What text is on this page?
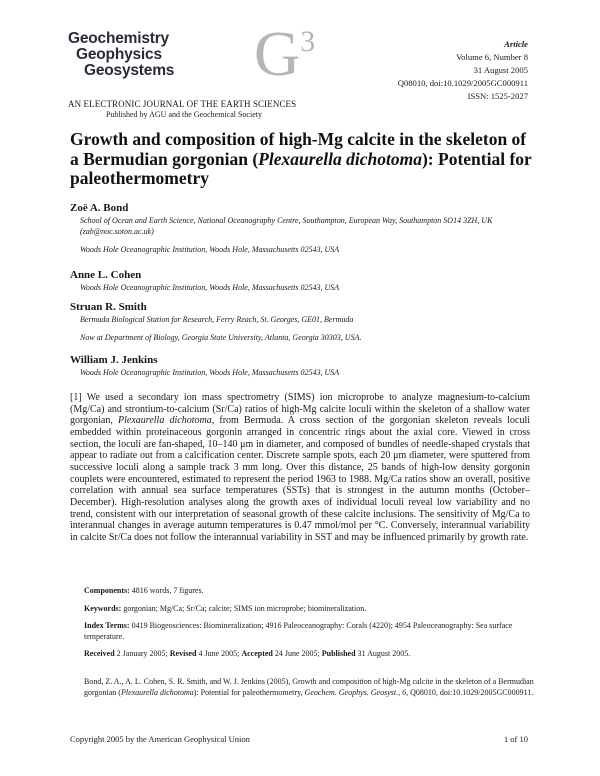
Geochemistry
Geophysics
Geosystems $G^3$
AN ELECTRONIC JOURNAL OF THE EARTH SCIENCES
Published by AGU and the Geochemical Society
Article
Volume 6, Number 8
31 August 2005
Q08010, doi:10.1029/2005GC000911
ISSN: 1525-2027
Growth and composition of high-Mg calcite in the skeleton of a Bermudian gorgonian (Plexaurella dichotoma): Potential for paleothermometry
Zoë A. Bond
School of Ocean and Earth Science, National Oceanography Centre, Southampton, European Way, Southampton SO14 3ZH, UK (zab@noc.soton.ac.uk)
Woods Hole Oceanographic Institution, Woods Hole, Massachusetts 02543, USA
Anne L. Cohen
Woods Hole Oceanographic Institution, Woods Hole, Massachusetts 02543, USA
Struan R. Smith
Bermuda Biological Station for Research, Ferry Reach, St. Georges, GE01, Bermuda
Now at Department of Biology, Georgia State University, Atlanta, Georgia 30303, USA.
William J. Jenkins
Woods Hole Oceanographic Institution, Woods Hole, Massachusetts 02543, USA

[1] We used a secondary ion mass spectrometry (SIMS) ion microprobe to analyze magnesium-to-calcium (Mg/Ca) and strontium-to-calcium (Sr/Ca) ratios of high-Mg calcite loculi within the skeleton of a shallow water gorgonian, Plexaurella dichotoma, from Bermuda. A cross section of the gorgonian skeleton reveals loculi embedded within proteinaceous gorgonin arranged in concentric rings about the axial core. Viewed in cross section, the loculi are fan-shaped, 10–140 μm in diameter, and composed of bundles of needle-shaped crystals that appear to radiate out from a calcification center. Discrete sample spots, each 20 μm diameter, were sputtered from successive loculi along a sample track 3 mm long. Over this distance, 25 bands of high-low density gorgonin couplets were encountered, estimated to represent the period 1963 to 1988. Mg/Ca ratios show an overall, positive correlation with annual sea surface temperatures (SSTs) that is strongest in the autumn months (October–December). High-resolution analyses along the growth axes of individual loculi reveal low variability and no trend, consistent with our interpretation of seasonal growth of these calcite inclusions. The sensitivity of Mg/Ca to interannual changes in average autumn temperatures is 0.47 mmol/mol per °C. Conversely, interannual variability in calcite Sr/Ca does not follow the interannual variability in SST and may be influenced primarily by growth rate.

Components: 4816 words, 7 figures.

Keywords: gorgonian; Mg/Ca; Sr/Ca; calcite; SIMS ion microprobe; biomineralization.

Index Terms: 0419 Biogeosciences: Biomineralization; 4916 Paleoceanography: Corals (4220); 4954 Paleoceanography: Sea surface temperature.

Received 2 January 2005; Revised 4 June 2005; Accepted 24 June 2005; Published 31 August 2005.

Bond, Z. A., A. L. Cohen, S. R. Smith, and W. J. Jenkins (2005), Growth and composition of high-Mg calcite in the skeleton of a Bermudian gorgonian (Plexaurella dichotoma): Potential for paleothermometry, Geochem. Geophys. Geosyst., 6, Q08010, doi:10.1029/2005GC000911.

Copyright 2005 by the American Geophysical Union	1 of 10
